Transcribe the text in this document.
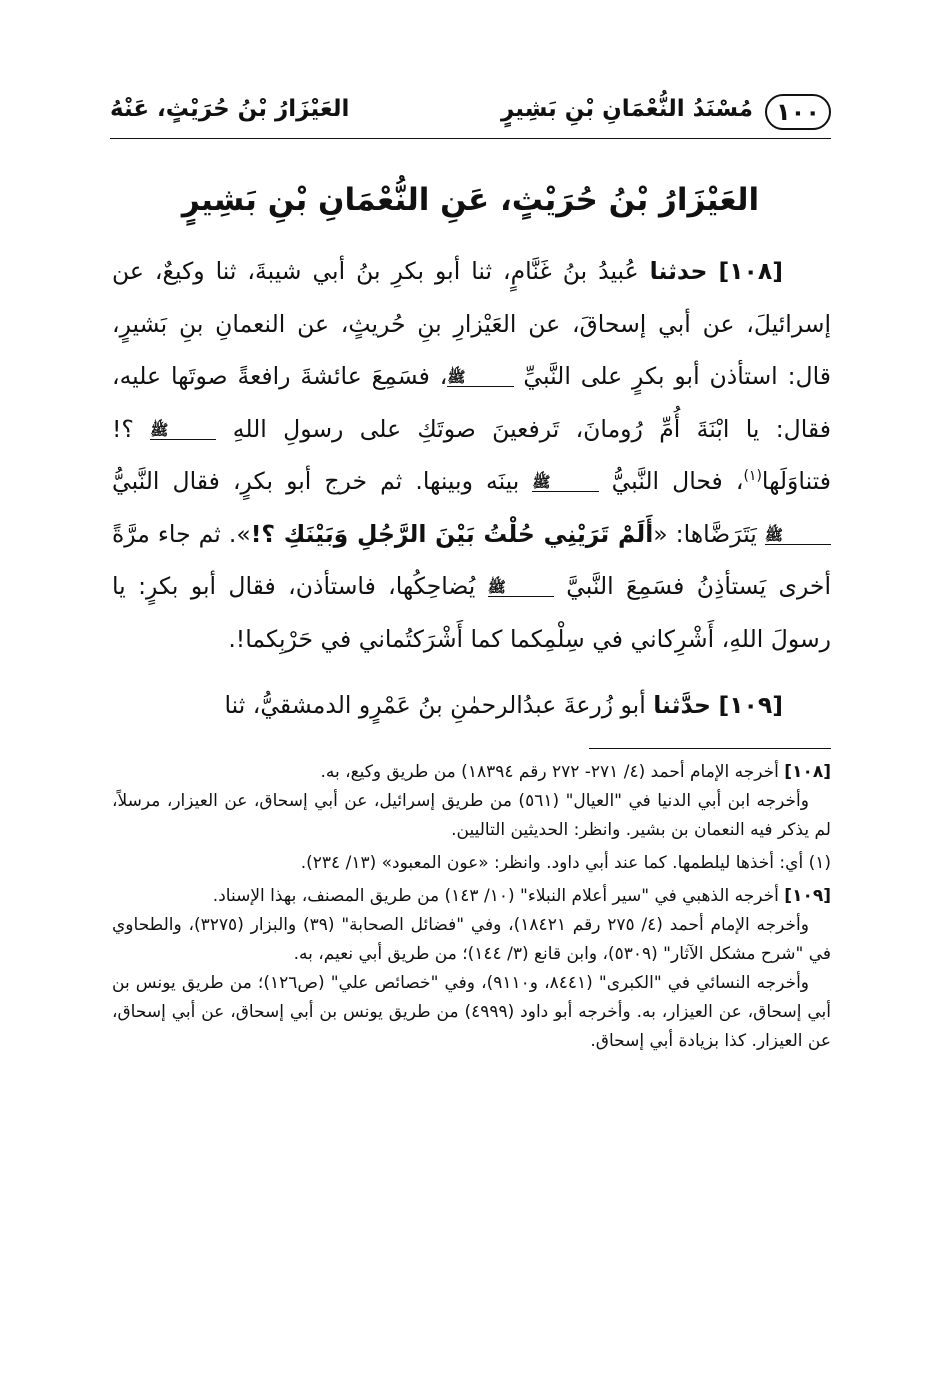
١٠٠
مُسْنَدُ النُّعْمَانِ بْنِ بَشِيرٍ
العَيْزَارُ بْنُ حُرَيْثٍ، عَنْهُ
العَيْزَارُ بْنُ حُرَيْثٍ، عَنِ النُّعْمَانِ بْنِ بَشِيرٍ

[١٠٨] حدثنا عُبيدُ بنُ غَنَّامٍ، ثنا أبو بكرِ بنُ أبي شيبةَ، ثنا وكيعٌ، عن إسرائيلَ، عن أبي إسحاقَ، عن العَيْزارِ بنِ حُريثٍ، عن النعمانِ بنِ بَشيرٍ، قال: استأذن أبو بكرٍ على النَّبيِّ ﷺ، فسَمِعَ عائشةَ رافعةً صوتَها عليه، فقال: يا ابْنَةَ أُمِّ رُومانَ، تَرفعينَ صوتَكِ على رسولِ اللهِ ﷺ ؟! فتناوَلَها$^{(١)}$، فحال النَّبيُّ ﷺ بينَه وبينها. ثم خرج أبو بكرٍ، فقال النَّبيُّ ﷺ يَتَرَضَّاها: «أَلَمْ تَرَيْنِي حُلْتُ بَيْنَ الرَّجُلِ وَبَيْنَكِ ؟!». ثم جاء مرَّةً أخرى يَستأذِنُ فسَمِعَ النَّبيَّ ﷺ يُضاحِكُها، فاستأذن، فقال أبو بكرٍ: يا رسولَ اللهِ، أَشْرِكاني في سِلْمِكما كما أَشْرَكتُماني في حَرْبِكما!.

[١٠٩] حدَّثنا أبو زُرعةَ عبدُالرحمٰنِ بنُ عَمْرٍو الدمشقيُّ، ثنا

[١٠٨] أخرجه الإمام أحمد (٤/ ٢٧١- ٢٧٢ رقم ١٨٣٩٤) من طريق وكيع، به.

وأخرجه ابن أبي الدنيا في "العيال" (٥٦١) من طريق إسرائيل، عن أبي إسحاق، عن العيزار، مرسلاً، لم يذكر فيه النعمان بن بشير. وانظر: الحديثين التاليين.

(١) أي: أخذها ليلطمها. كما عند أبي داود. وانظر: «عون المعبود» (١٣/ ٢٣٤).

[١٠٩] أخرجه الذهبي في "سير أعلام النبلاء" (١٠/ ١٤٣) من طريق المصنف، بهذا الإسناد.

وأخرجه الإمام أحمد (٤/ ٢٧٥ رقم ١٨٤٢١)، وفي "فضائل الصحابة" (٣٩) والبزار (٣٢٧٥)، والطحاوي في "شرح مشكل الآثار" (٥٣٠٩)، وابن قانع (٣/ ١٤٤)؛ من طريق أبي نعيم، به.

وأخرجه النسائي في "الكبرى" (٨٤٤١، و٩١١٠)، وفي "خصائص علي" (ص١٢٦)؛ من طريق يونس بن أبي إسحاق، عن العيزار، به. وأخرجه أبو داود (٤٩٩٩) من طريق يونس بن أبي إسحاق، عن أبي إسحاق، عن العيزار. كذا بزيادة أبي إسحاق.
